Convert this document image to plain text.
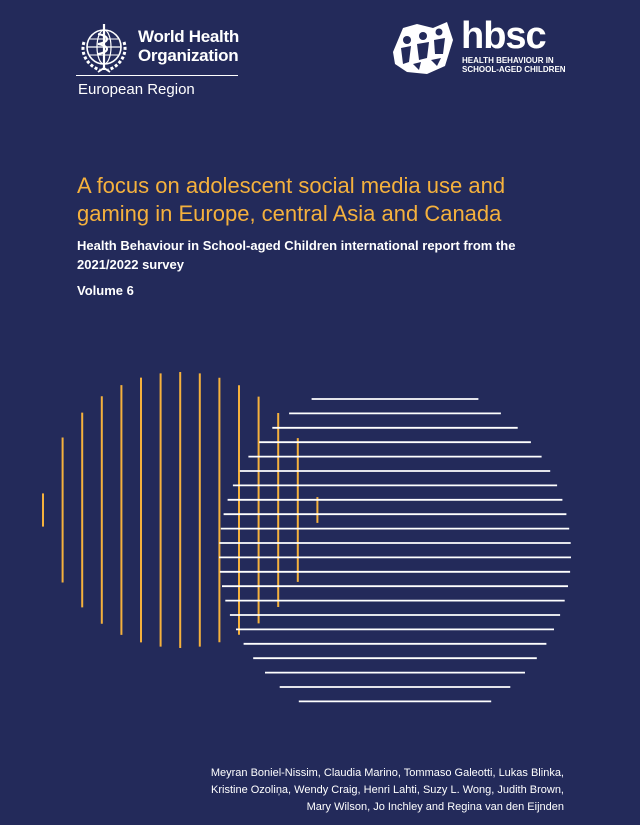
World Health
Organization
European Region
hbsc
HEALTH BEHAVIOUR IN
SCHOOL-AGED CHILDREN
A focus on adolescent social media use and gaming in Europe, central Asia and Canada

Health Behaviour in School-aged Children international report from the 2021/2022 survey

Volume 6
Meyran Boniel-Nissim, Claudia Marino, Tommaso Galeotti, Lukas Blinka,
Kristine Ozoliņa, Wendy Craig, Henri Lahti, Suzy L. Wong, Judith Brown,
Mary Wilson, Jo Inchley and Regina van den Eijnden
